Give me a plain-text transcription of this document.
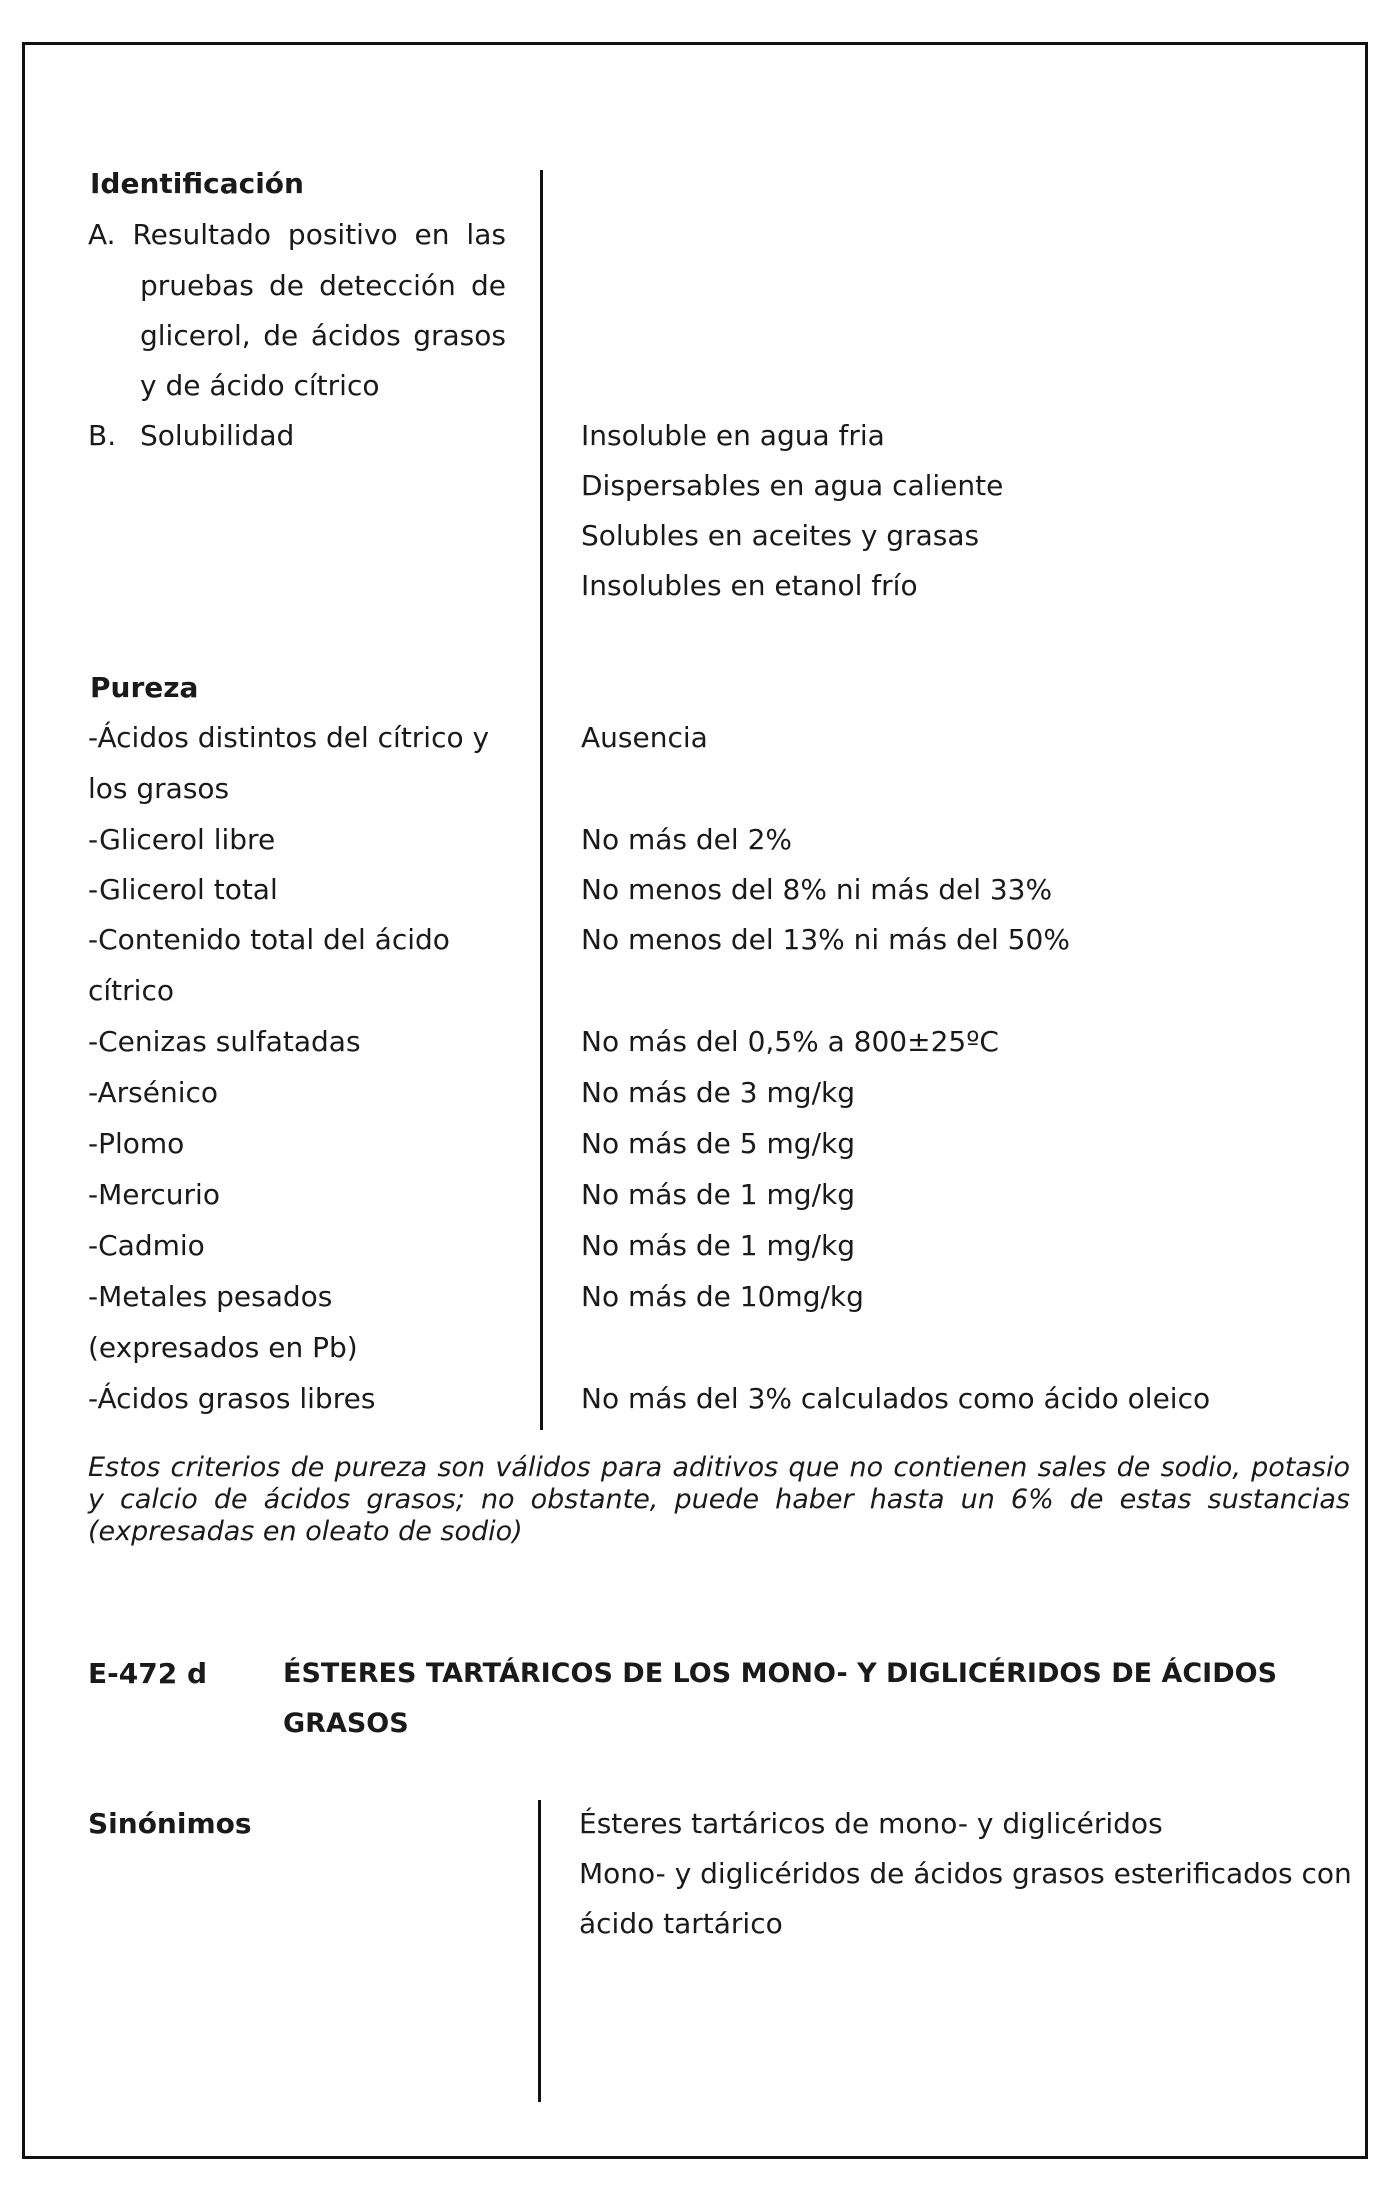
Identificación
A. Resultado positivo en las
pruebas de detección de
glicerol, de ácidos grasos
y de ácido cítrico
B. Solubilidad	Insoluble en agua fria
Dispersables en agua caliente
Solubles en aceites y grasas
Insolubles en etanol frío
Pureza
-Ácidos distintos del cítrico y	Ausencia
los grasos
-Glicerol libre	No más del 2%
-Glicerol total	No menos del 8% ni más del 33%
-Contenido total del ácido	No menos del 13% ni más del 50%
cítrico
-Cenizas sulfatadas	No más del 0,5% a 800±25ºC
-Arsénico	No más de 3 mg/kg
-Plomo	No más de 5 mg/kg
-Mercurio	No más de 1 mg/kg
-Cadmio	No más de 1 mg/kg
-Metales pesados	No más de 10mg/kg
(expresados en Pb)
-Ácidos grasos libres	No más del 3% calculados como ácido oleico
Estos criterios de pureza son válidos para aditivos que no contienen sales de sodio, potasio y calcio de ácidos grasos; no obstante, puede haber hasta un 6% de estas sustancias (expresadas en oleato de sodio)
E-472 d	ÉSTERES TARTÁRICOS DE LOS MONO- Y DIGLICÉRIDOS DE ÁCIDOS
GRASOS
Sinónimos	Ésteres tartáricos de mono- y diglicéridos
Mono- y diglicéridos de ácidos grasos esterificados con
ácido tartárico
